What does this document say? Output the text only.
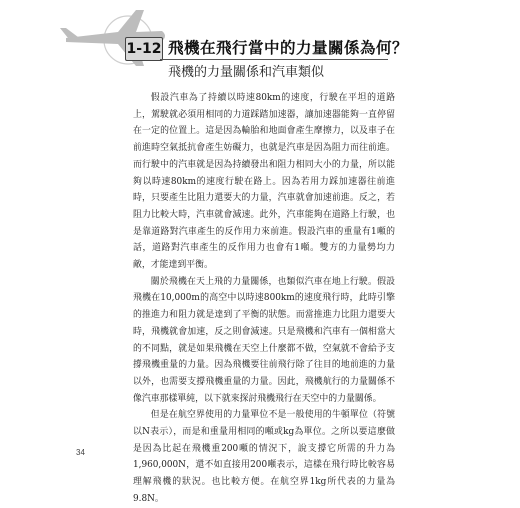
1-12 飛機在飛行當中的力量關係為何？
飛機的力量關係和汽車類似

假設汽車為了持續以時速80km的速度，行駛在平坦的道路上，駕駛就必須用相同的力道踩踏加速器，讓加速器能夠一直停留在一定的位置上。這是因為輪胎和地面會產生摩擦力，以及車子在前進時空氣抵抗會產生妨礙力，也就是汽車是因為阻力而往前進。而行駛中的汽車就是因為持續發出和阻力相同大小的力量，所以能夠以時速80km的速度行駛在路上。因為若用力踩加速器往前進時，只要產生比阻力還要大的力量，汽車就會加速前進。反之，若阻力比較大時，汽車就會減速。此外，汽車能夠在道路上行駛，也是靠道路對汽車產生的反作用力來前進。假設汽車的重量有1噸的話，道路對汽車產生的反作用力也會有1噸。雙方的力量勢均力敵，才能達到平衡。

關於飛機在天上飛的力量關係，也類似汽車在地上行駛。假設飛機在10,000m的高空中以時速800km的速度飛行時，此時引擎的推進力和阻力就是達到了平衡的狀態。而當推進力比阻力還要大時，飛機就會加速，反之則會減速。只是飛機和汽車有一個相當大的不同點，就是如果飛機在天空上什麼都不做，空氣就不會給予支撐飛機重量的力量。因為飛機要往前飛行除了往目的地前進的力量以外，也需要支撐飛機重量的力量。因此，飛機航行的力量關係不像汽車那樣單純，以下就來探討飛機飛行在天空中的力量關係。

但是在航空界使用的力量單位不是一般使用的牛頓單位（符號以N表示），而是和重量用相同的噸或kg為單位。之所以要這麼做是因為比起在飛機重200噸的情況下，說支撐它所需的升力為1,960,000N，還不如直接用200噸表示，這樣在飛行時比較容易理解飛機的狀況。也比較方便。在航空界1kg所代表的力量為9.8N。

34
